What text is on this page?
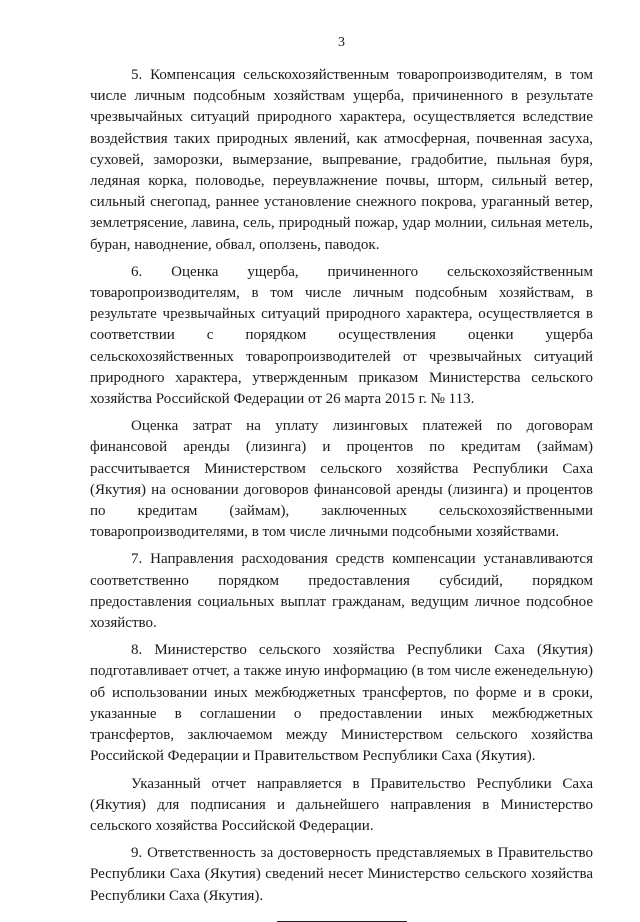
3

5. Компенсация сельскохозяйственным товаропроизводителям, в том числе личным подсобным хозяйствам ущерба, причиненного в результате чрезвычайных ситуаций природного характера, осуществляется вследствие воздействия таких природных явлений, как атмосферная, почвенная засуха, суховей, заморозки, вымерзание, выпревание, градобитие, пыльная буря, ледяная корка, половодье, переувлажнение почвы, шторм, сильный ветер, сильный снегопад, раннее установление снежного покрова, ураганный ветер, землетрясение, лавина, сель, природный пожар, удар молнии, сильная метель, буран, наводнение, обвал, оползень, паводок.

6. Оценка ущерба, причиненного сельскохозяйственным товаропроизводителям, в том числе личным подсобным хозяйствам, в результате чрезвычайных ситуаций природного характера, осуществляется в соответствии с порядком осуществления оценки ущерба сельскохозяйственных товаропроизводителей от чрезвычайных ситуаций природного характера, утвержденным приказом Министерства сельского хозяйства Российской Федерации от 26 марта 2015 г. № 113.

Оценка затрат на уплату лизинговых платежей по договорам финансовой аренды (лизинга) и процентов по кредитам (займам) рассчитывается Министерством сельского хозяйства Республики Саха (Якутия) на основании договоров финансовой аренды (лизинга) и процентов по кредитам (займам), заключенных сельскохозяйственными товаропроизводителями, в том числе личными подсобными хозяйствами.

7. Направления расходования средств компенсации устанавливаются соответственно порядком предоставления субсидий, порядком предоставления социальных выплат гражданам, ведущим личное подсобное хозяйство.

8. Министерство сельского хозяйства Республики Саха (Якутия) подготавливает отчет, а также иную информацию (в том числе еженедельную) об использовании иных межбюджетных трансфертов, по форме и в сроки, указанные в соглашении о предоставлении иных межбюджетных трансфертов, заключаемом между Министерством сельского хозяйства Российской Федерации и Правительством Республики Саха (Якутия).

Указанный отчет направляется в Правительство Республики Саха (Якутия) для подписания и дальнейшего направления в Министерство сельского хозяйства Российской Федерации.

9. Ответственность за достоверность представляемых в Правительство Республики Саха (Якутия) сведений несет Министерство сельского хозяйства Республики Саха (Якутия).
